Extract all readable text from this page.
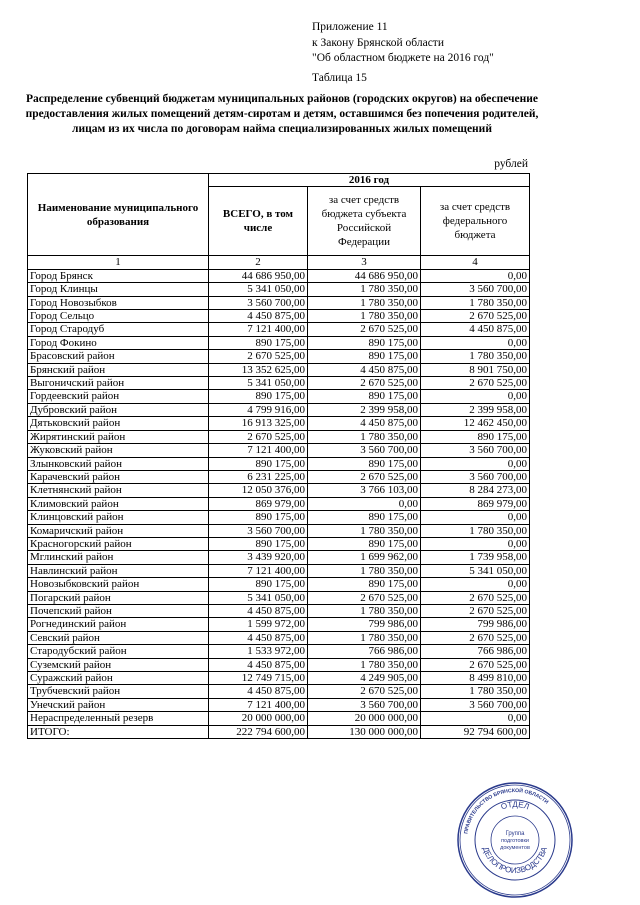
Приложение 11
к Закону Брянской области
"Об областном бюджете на 2016 год"
Таблица 15
Распределение субвенций бюджетам муниципальных районов (городских округов) на обеспечение предоставления жилых помещений детям-сиротам и детям, оставшимся без попечения родителей, лицам из их числа по договорам найма специализированных жилых помещений
рублей
Наименование муниципального образования	2016 год		
	ВСЕГО, в том числе	за счет средств бюджета субъекта Российской Федерации	за счет средств федерального бюджета
1	2	3	4
Город Брянск	44 686 950,00	44 686 950,00	0,00
Город Клинцы	5 341 050,00	1 780 350,00	3 560 700,00
Город Новозыбков	3 560 700,00	1 780 350,00	1 780 350,00
Город Сельцо	4 450 875,00	1 780 350,00	2 670 525,00
Город Стародуб	7 121 400,00	2 670 525,00	4 450 875,00
Город Фокино	890 175,00	890 175,00	0,00
Брасовский район	2 670 525,00	890 175,00	1 780 350,00
Брянский район	13 352 625,00	4 450 875,00	8 901 750,00
Выгоничский район	5 341 050,00	2 670 525,00	2 670 525,00
Гордеевский район	890 175,00	890 175,00	0,00
Дубровский район	4 799 916,00	2 399 958,00	2 399 958,00
Дятьковский район	16 913 325,00	4 450 875,00	12 462 450,00
Жирятинский район	2 670 525,00	1 780 350,00	890 175,00
Жуковский район	7 121 400,00	3 560 700,00	3 560 700,00
Злынковский район	890 175,00	890 175,00	0,00
Карачевский район	6 231 225,00	2 670 525,00	3 560 700,00
Клетнянский район	12 050 376,00	3 766 103,00	8 284 273,00
Климовский район	869 979,00	0,00	869 979,00
Клинцовский район	890 175,00	890 175,00	0,00
Комаричский район	3 560 700,00	1 780 350,00	1 780 350,00
Красногорский район	890 175,00	890 175,00	0,00
Мглинский район	3 439 920,00	1 699 962,00	1 739 958,00
Навлинский район	7 121 400,00	1 780 350,00	5 341 050,00
Новозыбковский район	890 175,00	890 175,00	0,00
Погарский район	5 341 050,00	2 670 525,00	2 670 525,00
Почепский район	4 450 875,00	1 780 350,00	2 670 525,00
Рогнединский район	1 599 972,00	799 986,00	799 986,00
Севский район	4 450 875,00	1 780 350,00	2 670 525,00
Стародубский район	1 533 972,00	766 986,00	766 986,00
Суземский район	4 450 875,00	1 780 350,00	2 670 525,00
Суражский район	12 749 715,00	4 249 905,00	8 499 810,00
Трубчевский район	4 450 875,00	2 670 525,00	1 780 350,00
Унечский район	7 121 400,00	3 560 700,00	3 560 700,00
Нераспределенный резерв	20 000 000,00	20 000 000,00	0,00
ИТОГО:	222 794 600,00	130 000 000,00	92 794 600,00
ПРАВИТЕЛЬСТВО БРЯНСКОЙ ОБЛАСТИ
ОТДЕЛ
ДЕЛОПРОИЗВОДСТВА
Группа
подготовки
документов
